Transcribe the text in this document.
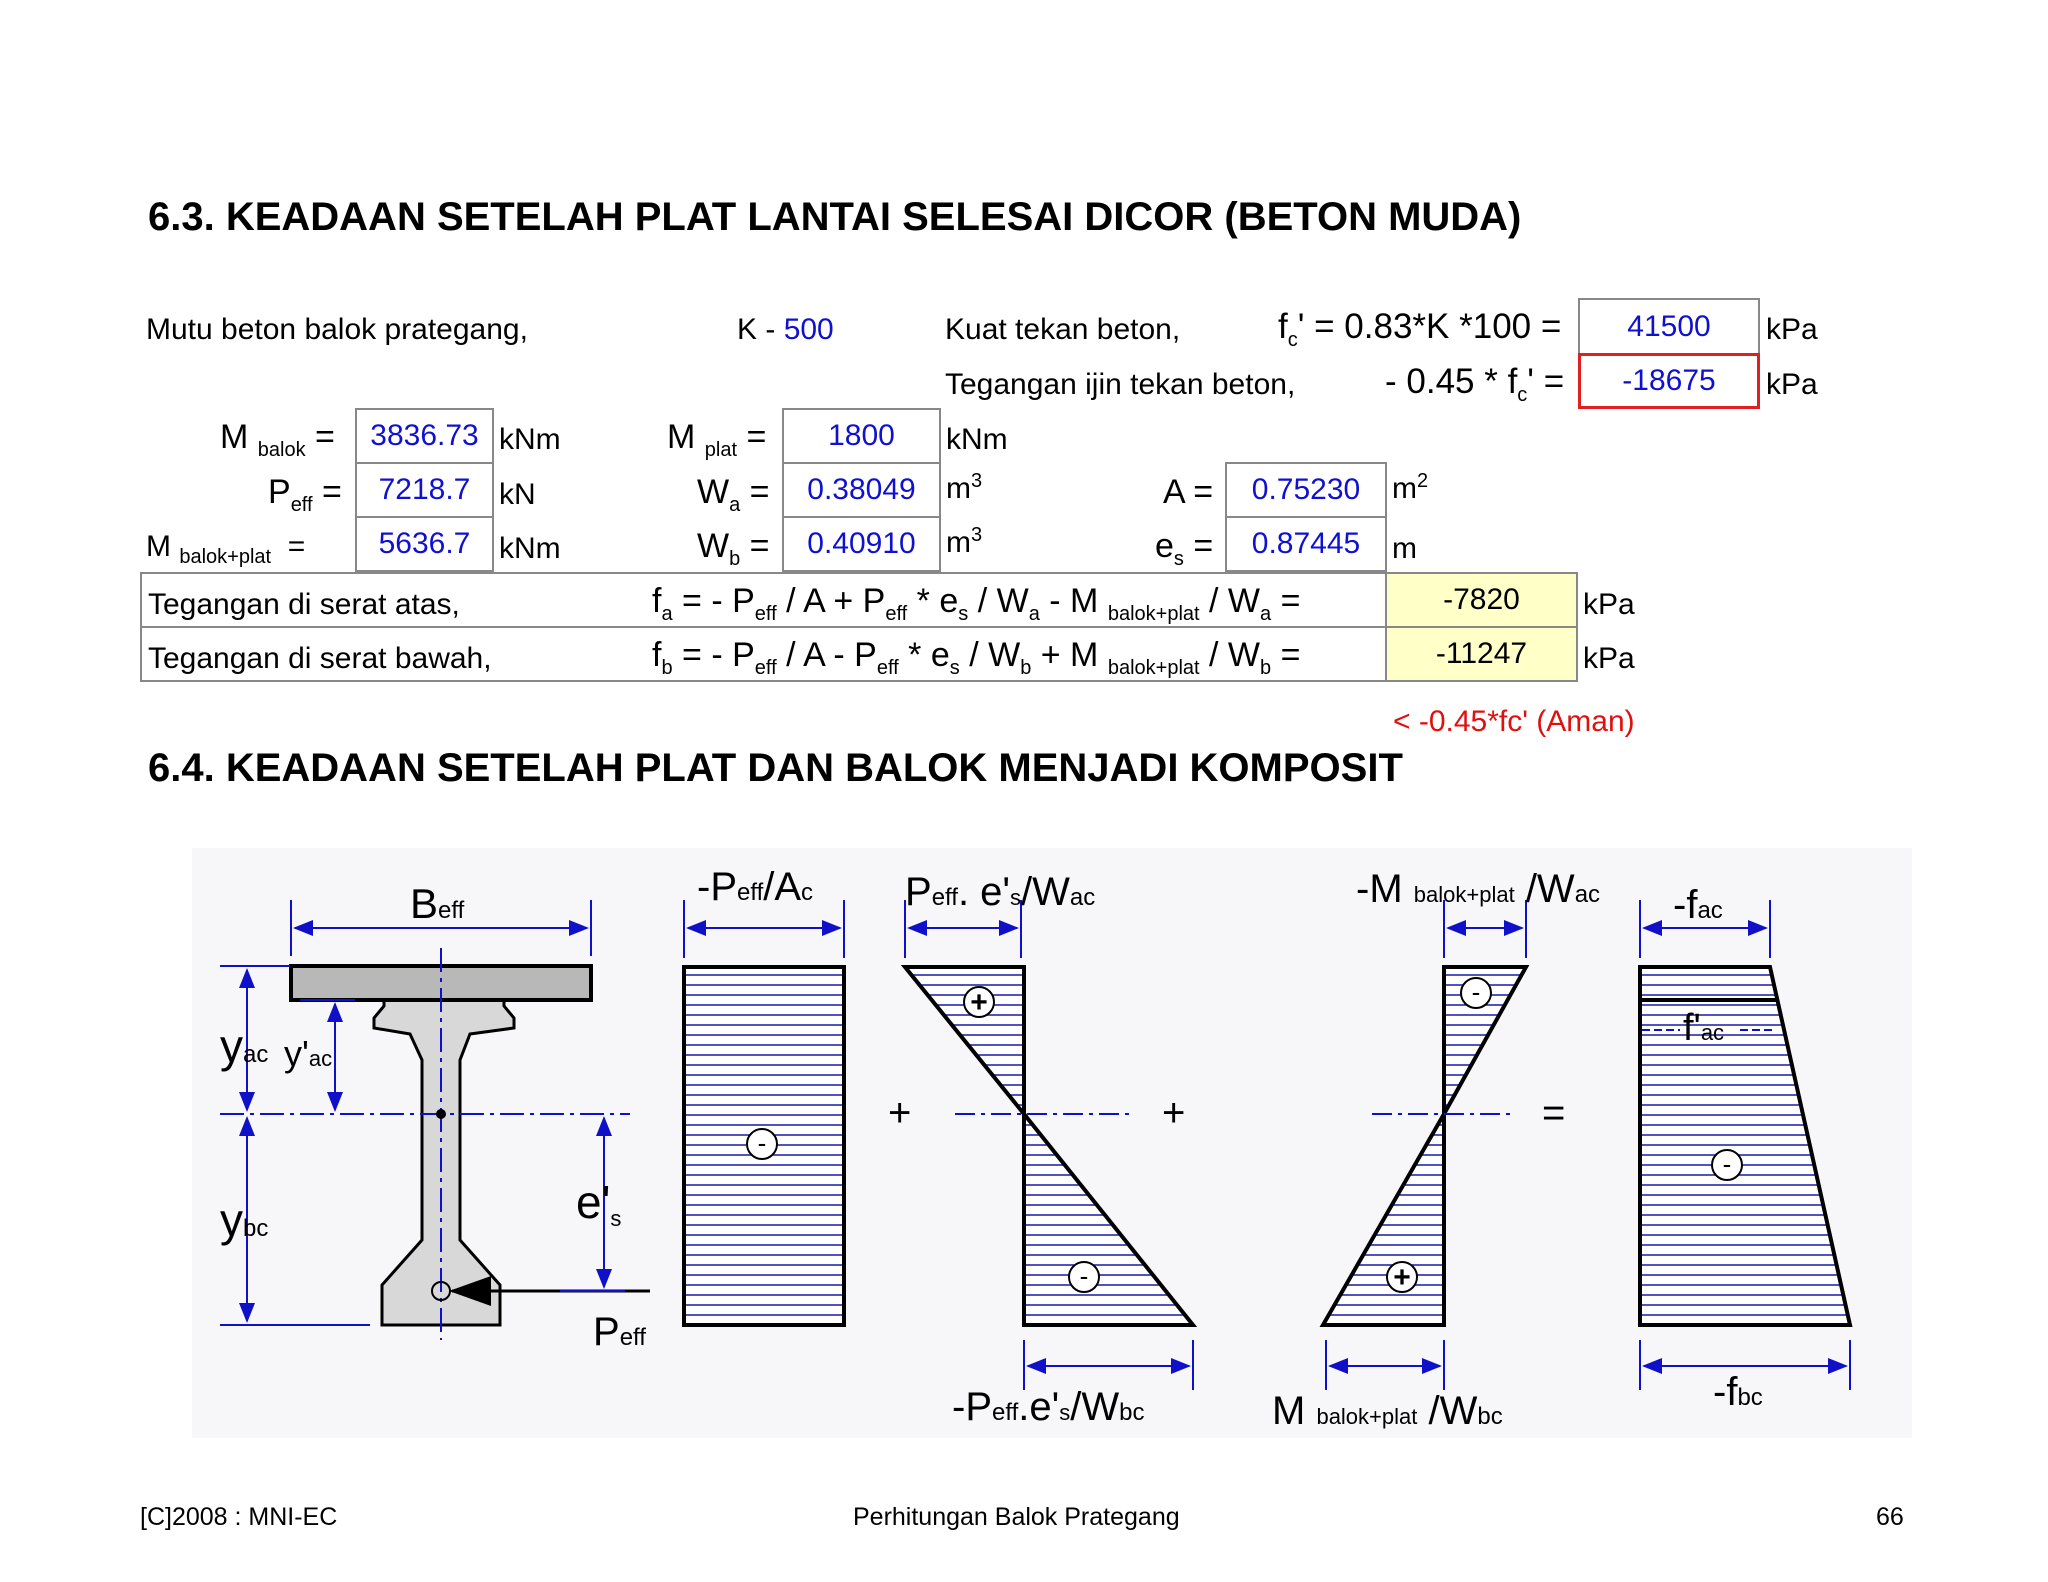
6.3. KEADAAN SETELAH PLAT LANTAI SELESAI DICOR (BETON MUDA)
Mutu beton balok prategang,	K - 500	Kuat tekan beton,	$f_c' = 0.83*K$ *100 =	41500	kPa
Tegangan ijin tekan beton,	- $0.45 * f_c'$ =	-18675	kPa
M $_{balok}$ =	3836.73 kNm	M $_{plat}$ =	1800	kNm
$P_{eff}$ =	7218.7 kN	$W_a$ =	0.38049	$m^3$	A =	0.75230	$m^2$
M $_{balok+plat}$ =	5636.7 kNm	$W_b$ =	0.40910	$m^3$	$e_s$ =	0.87445	m
Tegangan di serat atas,	$f_a$ = - $P_{eff} / A + P_{eff} * e_s / W_a - M$ $_{balok+plat} / W_a$ =	-7820	kPa
Tegangan di serat bawah,	$f_b$ = - $P_{eff} / A - P_{eff} * e_s / W_b + M$ $_{balok+plat} / W_b$ =	-11247	kPa
< -0.45*fc' (Aman)
6.4. KEADAAN SETELAH PLAT DAN BALOK MENJADI KOMPOSIT
Beff
yac y'ac
ybc
e's
Peff
-Peff/Ac Peff. e's/Wac
-Peff.e's/Wbc
-M balok+plat /Wac
M balok+plat /Wbc
-fac
f'ac
-fbc
+	+	=
-
+
-
-
+
-
[C]2008 : MNI-EC	Perhitungan Balok Prategang	66
